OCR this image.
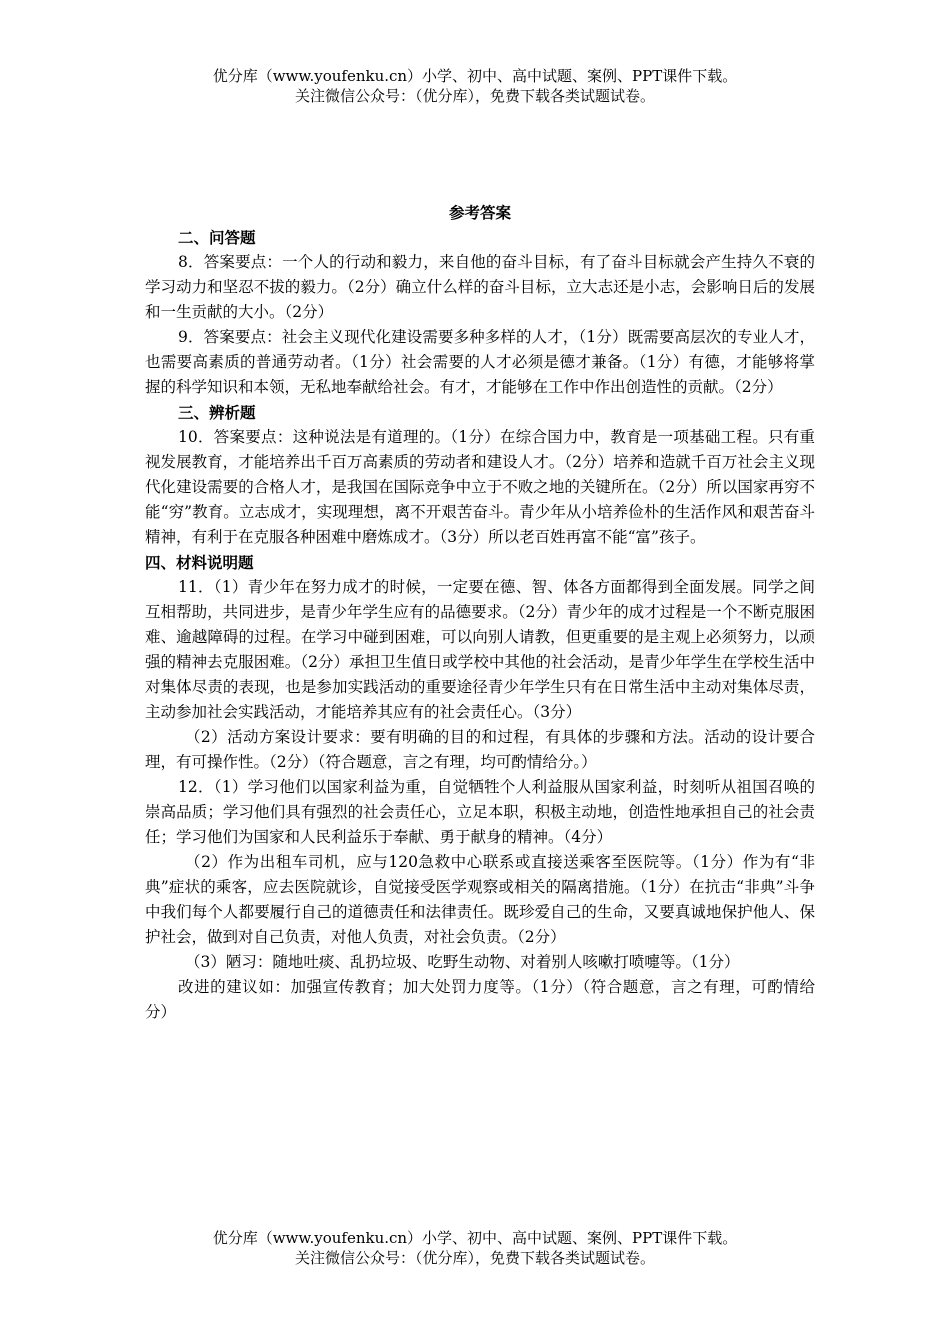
优分库（www.youfenku.cn）小学、初中、高中试题、案例、PPT课件下载。
关注微信公众号：（优分库），免费下载各类试题试卷。
参考答案
二、问答题

8．答案要点：一个人的行动和毅力，来自他的奋斗目标，有了奋斗目标就会产生持久不衰的学习动力和坚忍不拔的毅力。（2分）确立什么样的奋斗目标，立大志还是小志，会影响日后的发展和一生贡献的大小。（2分）

9．答案要点：社会主义现代化建设需要多种多样的人才，（1分）既需要高层次的专业人才，也需要高素质的普通劳动者。（1分）社会需要的人才必须是德才兼备。（1分）有德，才能够将掌握的科学知识和本领，无私地奉献给社会。有才，才能够在工作中作出创造性的贡献。（2分）

三、辨析题

10．答案要点：这种说法是有道理的。（1分）在综合国力中，教育是一项基础工程。只有重视发展教育，才能培养出千百万高素质的劳动者和建设人才。（2分）培养和造就千百万社会主义现代化建设需要的合格人才，是我国在国际竞争中立于不败之地的关键所在。（2分）所以国家再穷不能“穷”教育。立志成才，实现理想，离不开艰苦奋斗。青少年从小培养俭朴的生活作风和艰苦奋斗精神，有利于在克服各种困难中磨炼成才。（3分）所以老百姓再富不能“富”孩子。

四、材料说明题

11．（1）青少年在努力成才的时候，一定要在德、智、体各方面都得到全面发展。同学之间互相帮助，共同进步，是青少年学生应有的品德要求。（2分）青少年的成才过程是一个不断克服困难、逾越障碍的过程。在学习中碰到困难，可以向别人请教，但更重要的是主观上必须努力，以顽强的精神去克服困难。（2分）承担卫生值日或学校中其他的社会活动，是青少年学生在学校生活中对集体尽责的表现，也是参加实践活动的重要途径青少年学生只有在日常生活中主动对集体尽责，主动参加社会实践活动，才能培养其应有的社会责任心。（3分）

（2）活动方案设计要求：要有明确的目的和过程，有具体的步骤和方法。活动的设计要合理，有可操作性。（2分）（符合题意，言之有理，均可酌情给分。）

12．（1）学习他们以国家利益为重，自觉牺牲个人利益服从国家利益，时刻听从祖国召唤的崇高品质；学习他们具有强烈的社会责任心，立足本职，积极主动地，创造性地承担自己的社会责任；学习他们为国家和人民利益乐于奉献、勇于献身的精神。（4分）

（2）作为出租车司机，应与120急救中心联系或直接送乘客至医院等。（1分）作为有“非典”症状的乘客，应去医院就诊，自觉接受医学观察或相关的隔离措施。（1分）在抗击“非典”斗争中我们每个人都要履行自己的道德责任和法律责任。既珍爱自己的生命，又要真诚地保护他人、保护社会，做到对自己负责，对他人负责，对社会负责。（2分）

（3）陋习：随地吐痰、乱扔垃圾、吃野生动物、对着别人咳嗽打喷嚏等。（1分）

改进的建议如：加强宣传教育；加大处罚力度等。（1分）（符合题意，言之有理，可酌情给分）

优分库（www.youfenku.cn）小学、初中、高中试题、案例、PPT课件下载。
关注微信公众号：（优分库），免费下载各类试题试卷。
